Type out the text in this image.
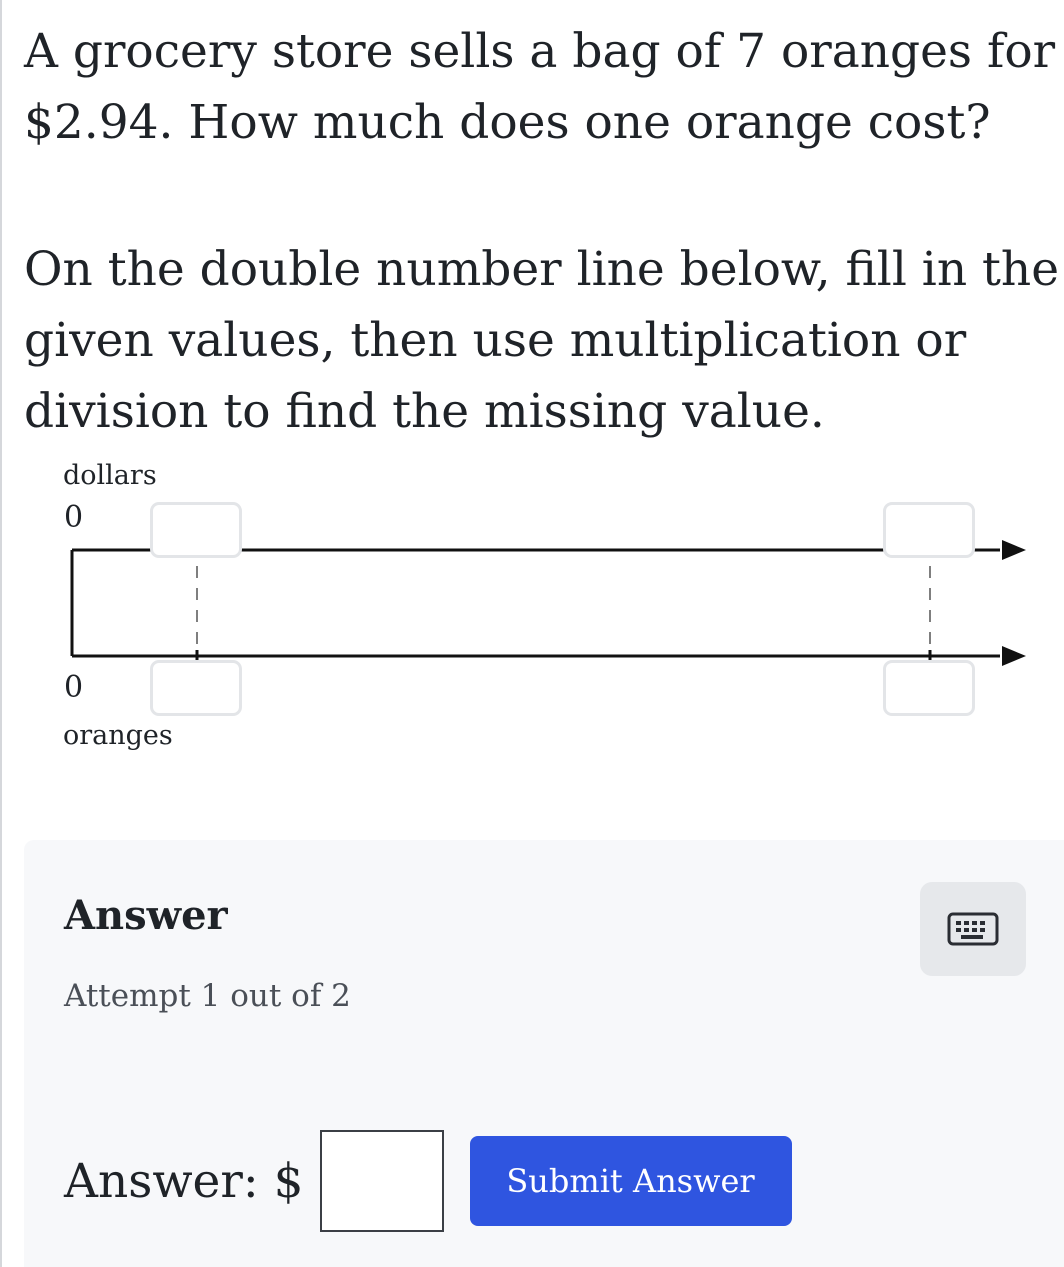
A grocery store sells a bag of 7 oranges for $2.94. How much does one orange cost?

On the double number line below, fill in the given values, then use multiplication or division to find the missing value.

dollars
0
0
oranges
Answer
Attempt 1 out of 2
Answer: $	Submit Answer
